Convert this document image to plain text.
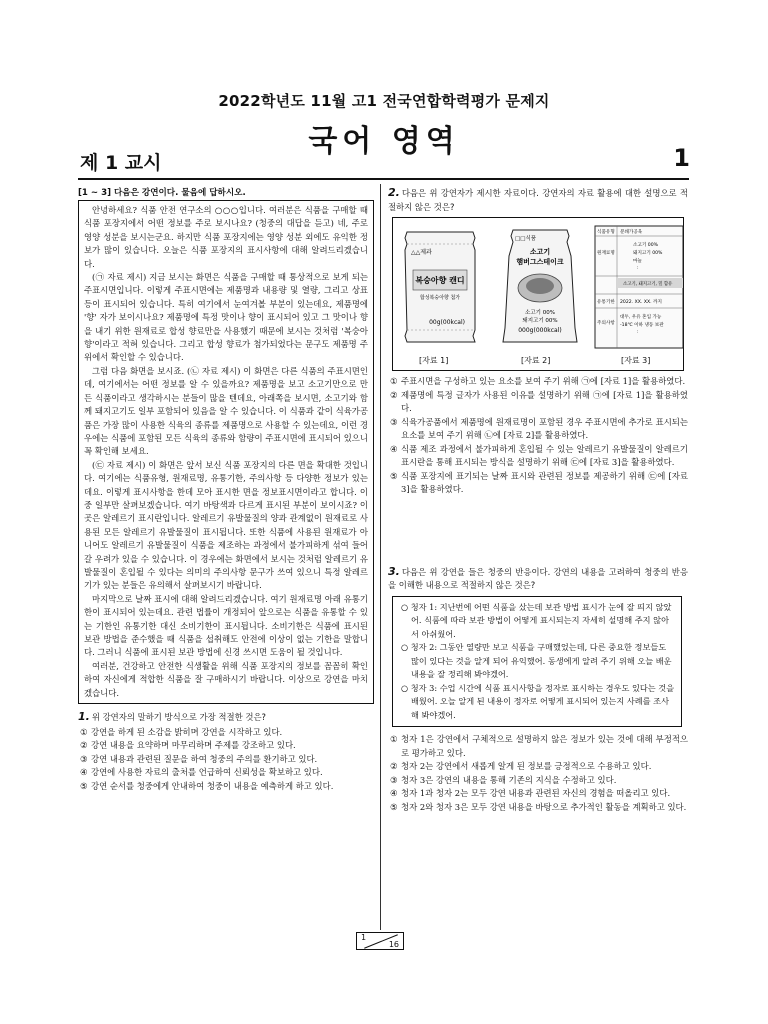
2022학년도 11월 고1 전국연합학력평가 문제지
국어 영역
제 1 교시	1
[1 ~ 3] 다음은 강연이다. 물음에 답하시오.

안녕하세요? 식품 안전 연구소의 ○○○입니다. 여러분은 식품을 구매할 때 식품 포장지에서 어떤 정보를 주로 보시나요? (청중의 대답을 듣고) 네, 주로 영양 성분을 보시는군요. 하지만 식품 포장지에는 영양 성분 외에도 유익한 정보가 많이 있습니다. 오늘은 식품 포장지의 표시사항에 대해 알려드리겠습니다.

(㉠ 자료 제시) 지금 보시는 화면은 식품을 구매할 때 통상적으로 보게 되는 주표시면입니다. 이렇게 주표시면에는 제품명과 내용량 및 열량, 그리고 상표 등이 표시되어 있습니다. 특히 여기에서 눈여겨볼 부분이 있는데요, 제품명에 '향' 자가 보이시나요? 제품명에 특정 맛이나 향이 표시되어 있고 그 맛이나 향을 내기 위한 원재료로 합성 향료만을 사용했기 때문에 보시는 것처럼 '복숭아향'이라고 적혀 있습니다. 그리고 합성 향료가 첨가되었다는 문구도 제품명 주위에서 확인할 수 있습니다.

그럼 다음 화면을 보시죠. (㉡ 자료 제시) 이 화면은 다른 식품의 주표시면인데, 여기에서는 어떤 정보를 알 수 있을까요? 제품명을 보고 소고기만으로 만든 식품이라고 생각하시는 분들이 많을 텐데요, 아래쪽을 보시면, 소고기와 함께 돼지고기도 일부 포함되어 있음을 알 수 있습니다. 이 식품과 같이 식육가공품은 가장 많이 사용한 식육의 종류를 제품명으로 사용할 수 있는데요, 이런 경우에는 식품에 포함된 모든 식육의 종류와 함량이 주표시면에 표시되어 있으니 꼭 확인해 보세요.

(㉢ 자료 제시) 이 화면은 앞서 보신 식품 포장지의 다른 면을 확대한 것입니다. 여기에는 식품유형, 원재료명, 유통기한, 주의사항 등 다양한 정보가 있는데요. 이렇게 표시사항을 한데 모아 표시한 면을 정보표시면이라고 합니다. 이 중 일부만 살펴보겠습니다. 여기 바탕색과 다르게 표시된 부분이 보이시죠? 이곳은 알레르기 표시란입니다. 알레르기 유발물질의 양과 관계없이 원재료로 사용된 모든 알레르기 유발물질이 표시됩니다. 또한 식품에 사용된 원재료가 아니어도 알레르기 유발물질이 식품을 제조하는 과정에서 불가피하게 섞여 들어갈 우려가 있을 수 있습니다. 이 경우에는 화면에서 보시는 것처럼 알레르기 유발물질이 혼입될 수 있다는 의미의 주의사항 문구가 쓰여 있으니 특정 알레르기가 있는 분들은 유의해서 살펴보시기 바랍니다.

마지막으로 날짜 표시에 대해 알려드리겠습니다. 여기 원재료명 아래 유통기한이 표시되어 있는데요. 관련 법률이 개정되어 앞으로는 식품을 유통할 수 있는 기한인 유통기한 대신 소비기한이 표시됩니다. 소비기한은 식품에 표시된 보관 방법을 준수했을 때 식품을 섭취해도 안전에 이상이 없는 기한을 말합니다. 그러니 식품에 표시된 보관 방법에 신경 쓰시면 도움이 될 것입니다.

여러분, 건강하고 안전한 식생활을 위해 식품 포장지의 정보를 꼼꼼히 확인하여 자신에게 적합한 식품을 잘 구매하시기 바랍니다. 이상으로 강연을 마치겠습니다.

1. 위 강연자의 말하기 방식으로 가장 적절한 것은?
① 강연을 하게 된 소감을 밝히며 강연을 시작하고 있다.
② 강연 내용을 요약하며 마무리하며 주제를 강조하고 있다.
③ 강연 내용과 관련된 질문을 하여 청중의 주의를 환기하고 있다.
④ 강연에 사용한 자료의 출처를 언급하여 신뢰성을 확보하고 있다.
⑤ 강연 순서를 청중에게 안내하여 청중이 내용을 예측하게 하고 있다.
2. 다음은 위 강연자가 제시한 자료이다. 강연자의 자료 활용에 대한 설명으로 적절하지 않은 것은?
△△제과
복숭아향 캔디
합성복숭아향 첨가
00g(00kcal)
[자료 1]
□□식품
소고기
햄버그스테이크
소고기 00%
돼지고기 00%
000g(000kcal)
[자료 2]
식품유형 분쇄가공육
원재료명
소고기 00% 돼지고기 00% 마늘 :
소고기, 돼지고기, 밀 함유
유통기한 2022. XX. XX. 까지
주의사항
대두, 우유 혼입 가능 -18℃ 이하 냉동 보관 :
[자료 3]
① 주표시면을 구성하고 있는 요소를 보여 주기 위해 ㉠에 [자료 1]을 활용하였다.
② 제품명에 특정 글자가 사용된 이유를 설명하기 위해 ㉠에 [자료 1]을 활용하였다.
③ 식육가공품에서 제품명에 원재료명이 포함된 경우 주표시면에 추가로 표시되는 요소를 보여 주기 위해 ㉡에 [자료 2]를 활용하였다.
④ 식품 제조 과정에서 불가피하게 혼입될 수 있는 알레르기 유발물질이 알레르기 표시란을 통해 표시되는 방식을 설명하기 위해 ㉢에 [자료 3]을 활용하였다.
⑤ 식품 포장지에 표기되는 날짜 표시와 관련된 정보를 제공하기 위해 ㉢에 [자료 3]을 활용하였다.
3. 다음은 위 강연을 들은 청중의 반응이다. 강연의 내용을 고려하여 청중의 반응을 이해한 내용으로 적절하지 않은 것은?
○ 청자 1: 지난번에 어떤 식품을 샀는데 보관 방법 표시가 눈에 잘 띄지 않았어. 식품에 따라 보관 방법이 어떻게 표시되는지 자세히 설명해 주지 않아서 아쉬웠어.
○ 청자 2: 그동안 열량만 보고 식품을 구매했었는데, 다른 중요한 정보들도 많이 있다는 것을 알게 되어 유익했어. 동생에게 알려 주기 위해 오늘 배운 내용을 잘 정리해 봐야겠어.
○ 청자 3: 수업 시간에 식품 표시사항을 정자로 표시하는 경우도 있다는 것을 배웠어. 오늘 알게 된 내용이 정자로 어떻게 표시되어 있는지 사례를 조사해 봐야겠어.
① 청자 1은 강연에서 구체적으로 설명하지 않은 정보가 있는 것에 대해 부정적으로 평가하고 있다.
② 청자 2는 강연에서 새롭게 알게 된 정보를 긍정적으로 수용하고 있다.
③ 청자 3은 강연의 내용을 통해 기존의 지식을 수정하고 있다.
④ 청자 1과 청자 2는 모두 강연 내용과 관련된 자신의 경험을 떠올리고 있다.
⑤ 청자 2와 청자 3은 모두 강연 내용을 바탕으로 추가적인 활동을 계획하고 있다.
1
16
